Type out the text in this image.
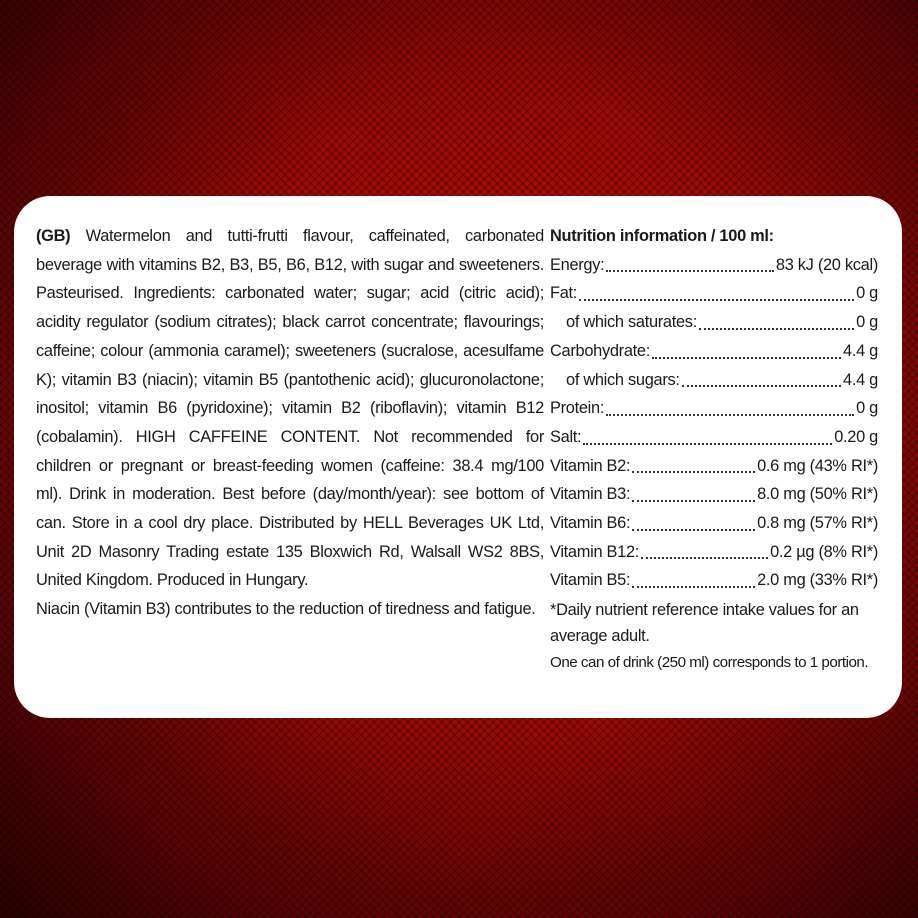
(GB) Watermelon and tutti-frutti flavour, caffeinated, carbonated beverage with vitamins B2, B3, B5, B6, B12, with sugar and sweeteners. Pasteurised. Ingredients: carbonated water; sugar; acid (citric acid); acidity regulator (sodium citrates); black carrot concentrate; flavourings; caffeine; colour (ammonia caramel); sweeteners (sucralose, acesulfame K); vitamin B3 (niacin); vitamin B5 (pantothenic acid); glucuronolactone; inositol; vitamin B6 (pyridoxine); vitamin B2 (riboflavin); vitamin B12 (cobalamin). HIGH CAFFEINE CONTENT. Not recommended for children or pregnant or breast-feeding women (caffeine: 38.4 mg/100 ml). Drink in moderation. Best before (day/month/year): see bottom of can. Store in a cool dry place. Distributed by HELL Beverages UK Ltd, Unit 2D Masonry Trading estate 135 Bloxwich Rd, Walsall WS2 8BS, United Kingdom. Produced in Hungary.

Niacin (Vitamin B3) contributes to the reduction of tiredness and fatigue.

Nutrition information / 100 ml:
Energy:	83 kJ (20 kcal)
Fat:	0 g
of which saturates:	0 g
Carbohydrate:	4.4 g
of which sugars:	4.4 g
Protein:	0 g
Salt:	0.20 g
Vitamin B2:	0.6 mg (43% RI*)
Vitamin B3:	8.0 mg (50% RI*)
Vitamin B6:	0.8 mg (57% RI*)
Vitamin B12:	0.2 µg (8% RI*)
Vitamin B5:	2.0 mg (33% RI*)
*Daily nutrient reference intake values for an average adult.
One can of drink (250 ml) corresponds to 1 portion.
